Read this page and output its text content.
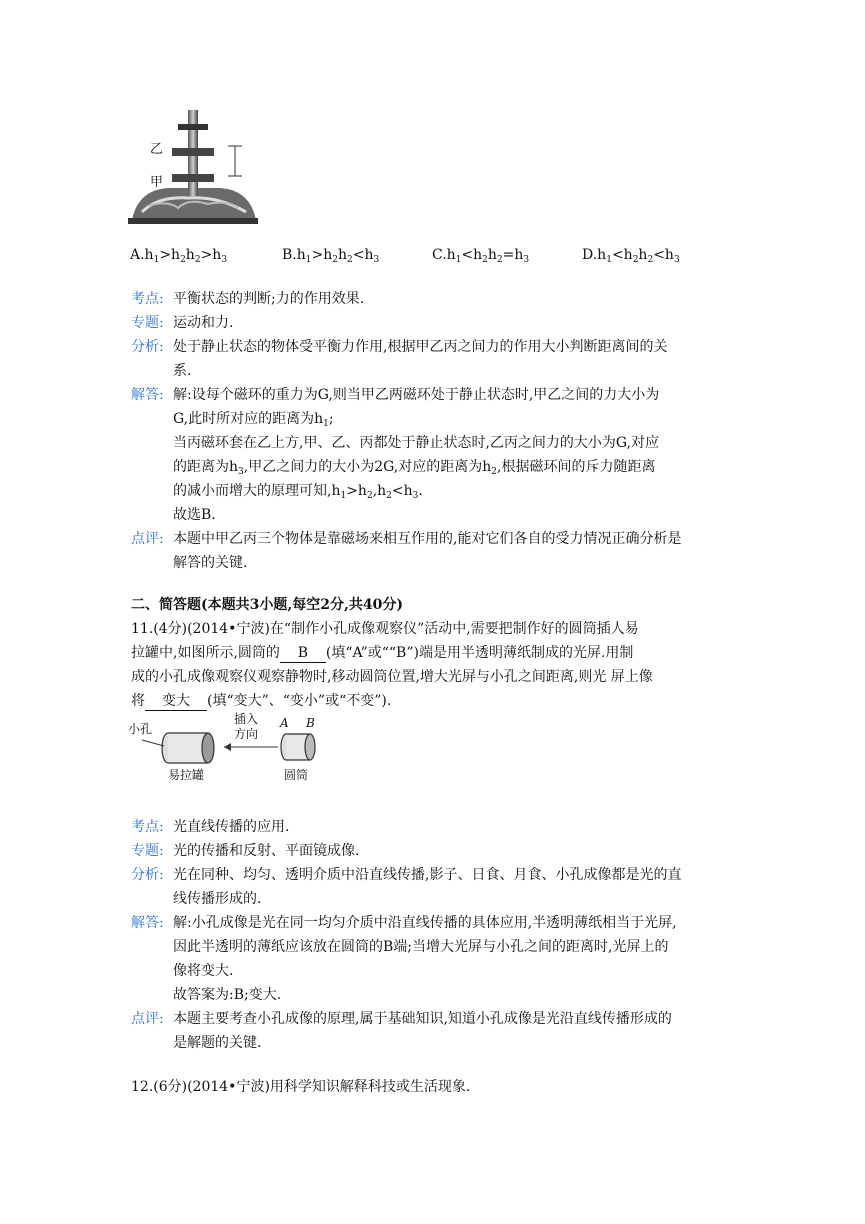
乙
甲
$A.h_1>h_2h_2>h_3$	$B.h_1>h_2h_2<h_3$	$C.h_1<h_2h_2=h_3$	$D.h_1<h_2h_2<h_3$
考点: 平衡状态的判断;力的作用效果.
专题: 运动和力.
分析: 处于静止状态的物体受平衡力作用,根据甲乙丙之间力的作用大小判断距离间的关
系.
解答: 解:设每个磁环的重力为G,则当甲乙两磁环处于静止状态时,甲乙之间的力大小为
G,此时所对应的距离为$h_1$;
当丙磁环套在乙上方,甲、乙、丙都处于静止状态时,乙丙之间力的大小为G,对应
的距离为$h_3$,甲乙之间力的大小为2G,对应的距离为$h_2$,根据磁环间的斥力随距离
的减小而增大的原理可知$,h_1>h_2,h_2<h_3$.
故选B.
点评: 本题中甲乙丙三个物体是靠磁场来相互作用的,能对它们各自的受力情况正确分析是
解答的关键.
二、简答题(本题共3小题,每空2分,共40分)
11.(4分)(2014•宁波)在“制作小孔成像观察仪”活动中,需要把制作好的圆筒插人易
拉罐中,如图所示,圆筒的 B (填“A”或““B”)端是用半透明薄纸制成的光屏.用制
成的小孔成像观察仪观察静物时,移动圆筒位置,增大光屏与小孔之间距离,则光 屏上像
将 变大 (填“变大”、“变小”或“不变”).
小孔
插入
方向
A B
易拉罐	圆筒
考点: 光直线传播的应用.
专题: 光的传播和反射、平面镜成像.
分析: 光在同种、均匀、透明介质中沿直线传播,影子、日食、月食、小孔成像都是光的直
线传播形成的.
解答: 解:小孔成像是光在同一均匀介质中沿直线传播的具体应用,半透明薄纸相当于光屏,
因此半透明的薄纸应该放在圆筒的B端;当增大光屏与小孔之间的距离时,光屏上的
像将变大.
故答案为:B;变大.
点评: 本题主要考查小孔成像的原理,属于基础知识,知道小孔成像是光沿直线传播形成的
是解题的关键.
12.(6分)(2014•宁波)用科学知识解释科技或生活现象.
